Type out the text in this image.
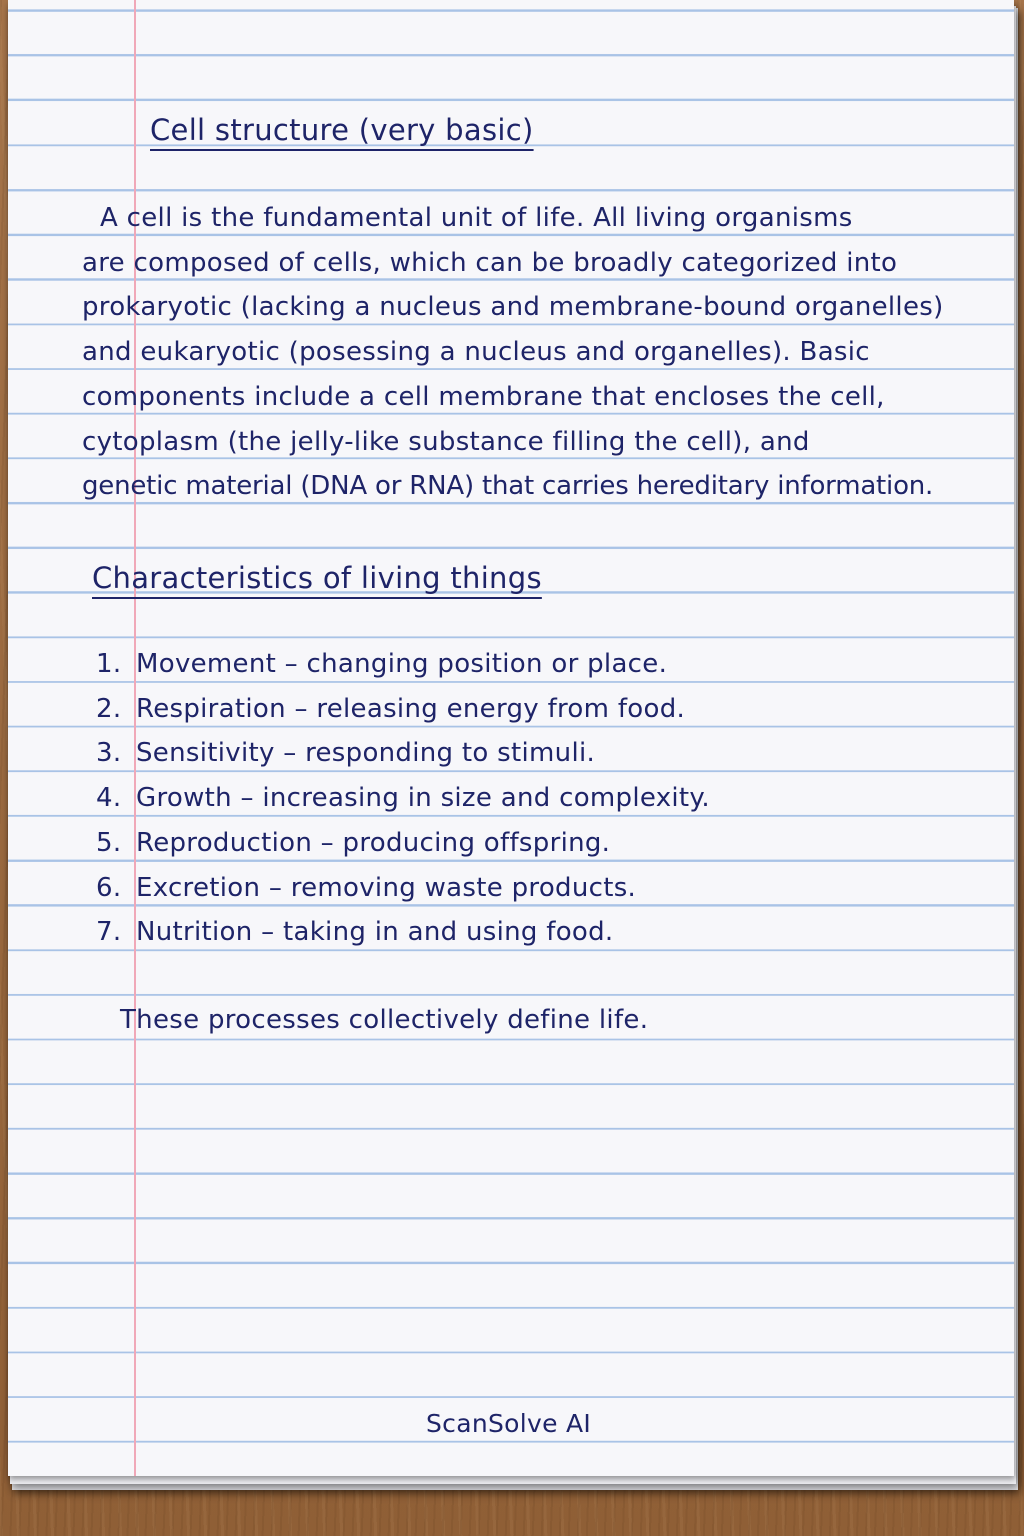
Cell structure (very basic)
A cell is the fundamental unit of life. All living organisms
are composed of cells, which can be broadly categorized into
prokaryotic (lacking a nucleus and membrane-bound organelles)
and eukaryotic (posessing a nucleus and organelles). Basic
components include a cell membrane that encloses the cell,
cytoplasm (the jelly-like substance filling the cell), and
genetic material (DNA or RNA) that carries hereditary information.
Characteristics of living things
1. Movement – changing position or place.
2. Respiration – releasing energy from food.
3. Sensitivity – responding to stimuli.
4. Growth – increasing in size and complexity.
5. Reproduction – producing offspring.
6. Excretion – removing waste products.
7. Nutrition – taking in and using food.
These processes collectively define life.
ScanSolve AI
